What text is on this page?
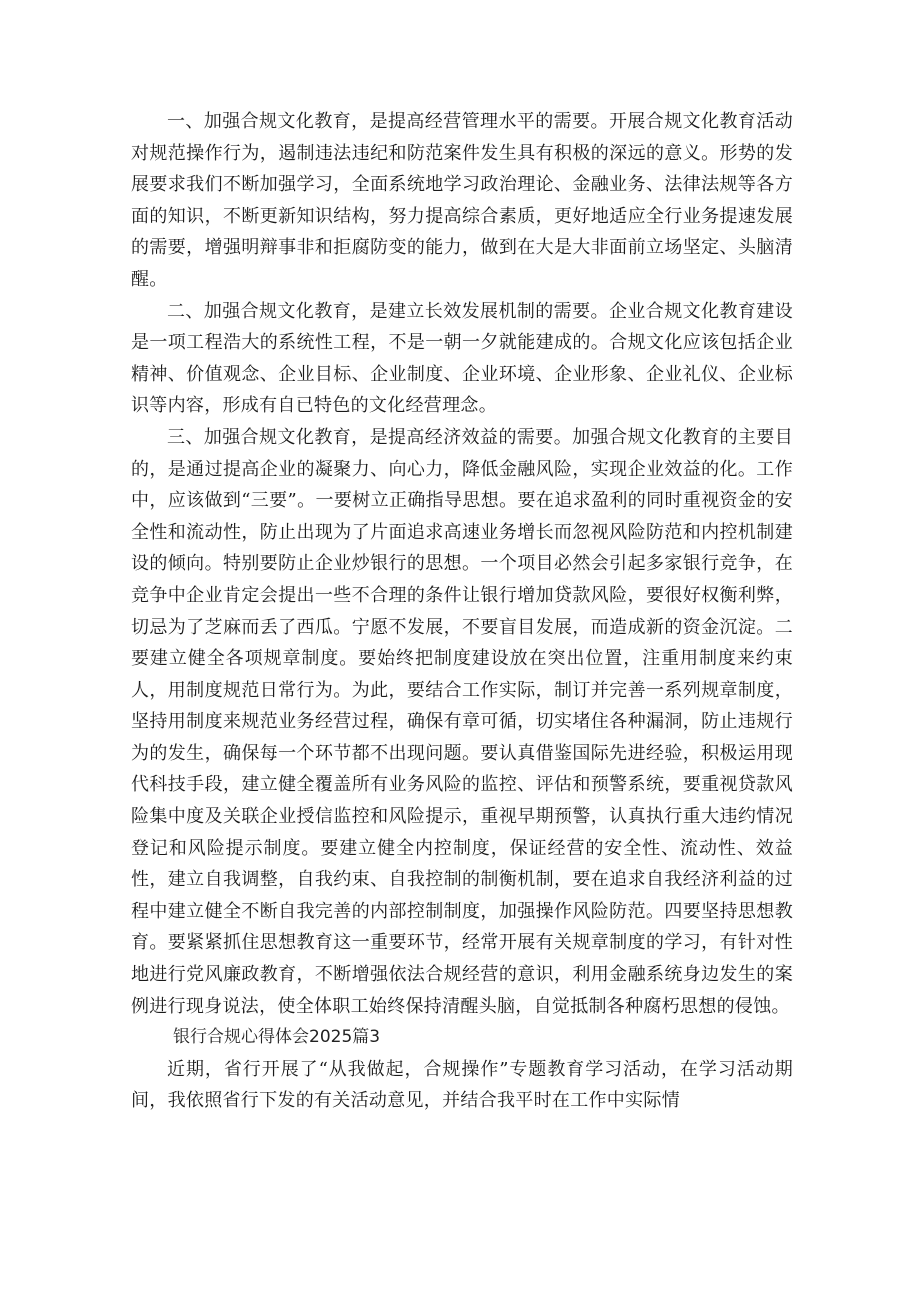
一、加强合规文化教育，是提高经营管理水平的需要。开展合规文化教育活动对规范操作行为，遏制违法违纪和防范案件发生具有积极的深远的意义。形势的发展要求我们不断加强学习，全面系统地学习政治理论、金融业务、法律法规等各方面的知识，不断更新知识结构，努力提高综合素质，更好地适应全行业务提速发展的需要，增强明辩事非和拒腐防变的能力，做到在大是大非面前立场坚定、头脑清醒。

二、加强合规文化教育，是建立长效发展机制的需要。企业合规文化教育建设是一项工程浩大的系统性工程，不是一朝一夕就能建成的。合规文化应该包括企业精神、价值观念、企业目标、企业制度、企业环境、企业形象、企业礼仪、企业标识等内容，形成有自已特色的文化经营理念。

三、加强合规文化教育，是提高经济效益的需要。加强合规文化教育的主要目的，是通过提高企业的凝聚力、向心力，降低金融风险，实现企业效益的化。工作中，应该做到“三要”。一要树立正确指导思想。要在追求盈利的同时重视资金的安全性和流动性，防止出现为了片面追求高速业务增长而忽视风险防范和内控机制建设的倾向。特别要防止企业炒银行的思想。一个项目必然会引起多家银行竞争，在竞争中企业肯定会提出一些不合理的条件让银行增加贷款风险，要很好权衡利弊，切忌为了芝麻而丢了西瓜。宁愿不发展，不要盲目发展，而造成新的资金沉淀。二要建立健全各项规章制度。要始终把制度建设放在突出位置，注重用制度来约束人，用制度规范日常行为。为此，要结合工作实际，制订并完善一系列规章制度，坚持用制度来规范业务经营过程，确保有章可循，切实堵住各种漏洞，防止违规行为的发生，确保每一个环节都不出现问题。要认真借鉴国际先进经验，积极运用现代科技手段，建立健全覆盖所有业务风险的监控、评估和预警系统，要重视贷款风险集中度及关联企业授信监控和风险提示，重视早期预警，认真执行重大违约情况登记和风险提示制度。要建立健全内控制度，保证经营的安全性、流动性、效益性，建立自我调整，自我约束、自我控制的制衡机制，要在追求自我经济利益的过程中建立健全不断自我完善的内部控制制度，加强操作风险防范。四要坚持思想教育。要紧紧抓住思想教育这一重要环节，经常开展有关规章制度的学习，有针对性地进行党风廉政教育，不断增强依法合规经营的意识，利用金融系统身边发生的案例进行现身说法，使全体职工始终保持清醒头脑，自觉抵制各种腐朽思想的侵蚀。

银行合规心得体会2025篇3

近期，省行开展了“从我做起，合规操作”专题教育学习活动，在学习活动期间，我依照省行下发的有关活动意见，并结合我平时在工作中实际情
